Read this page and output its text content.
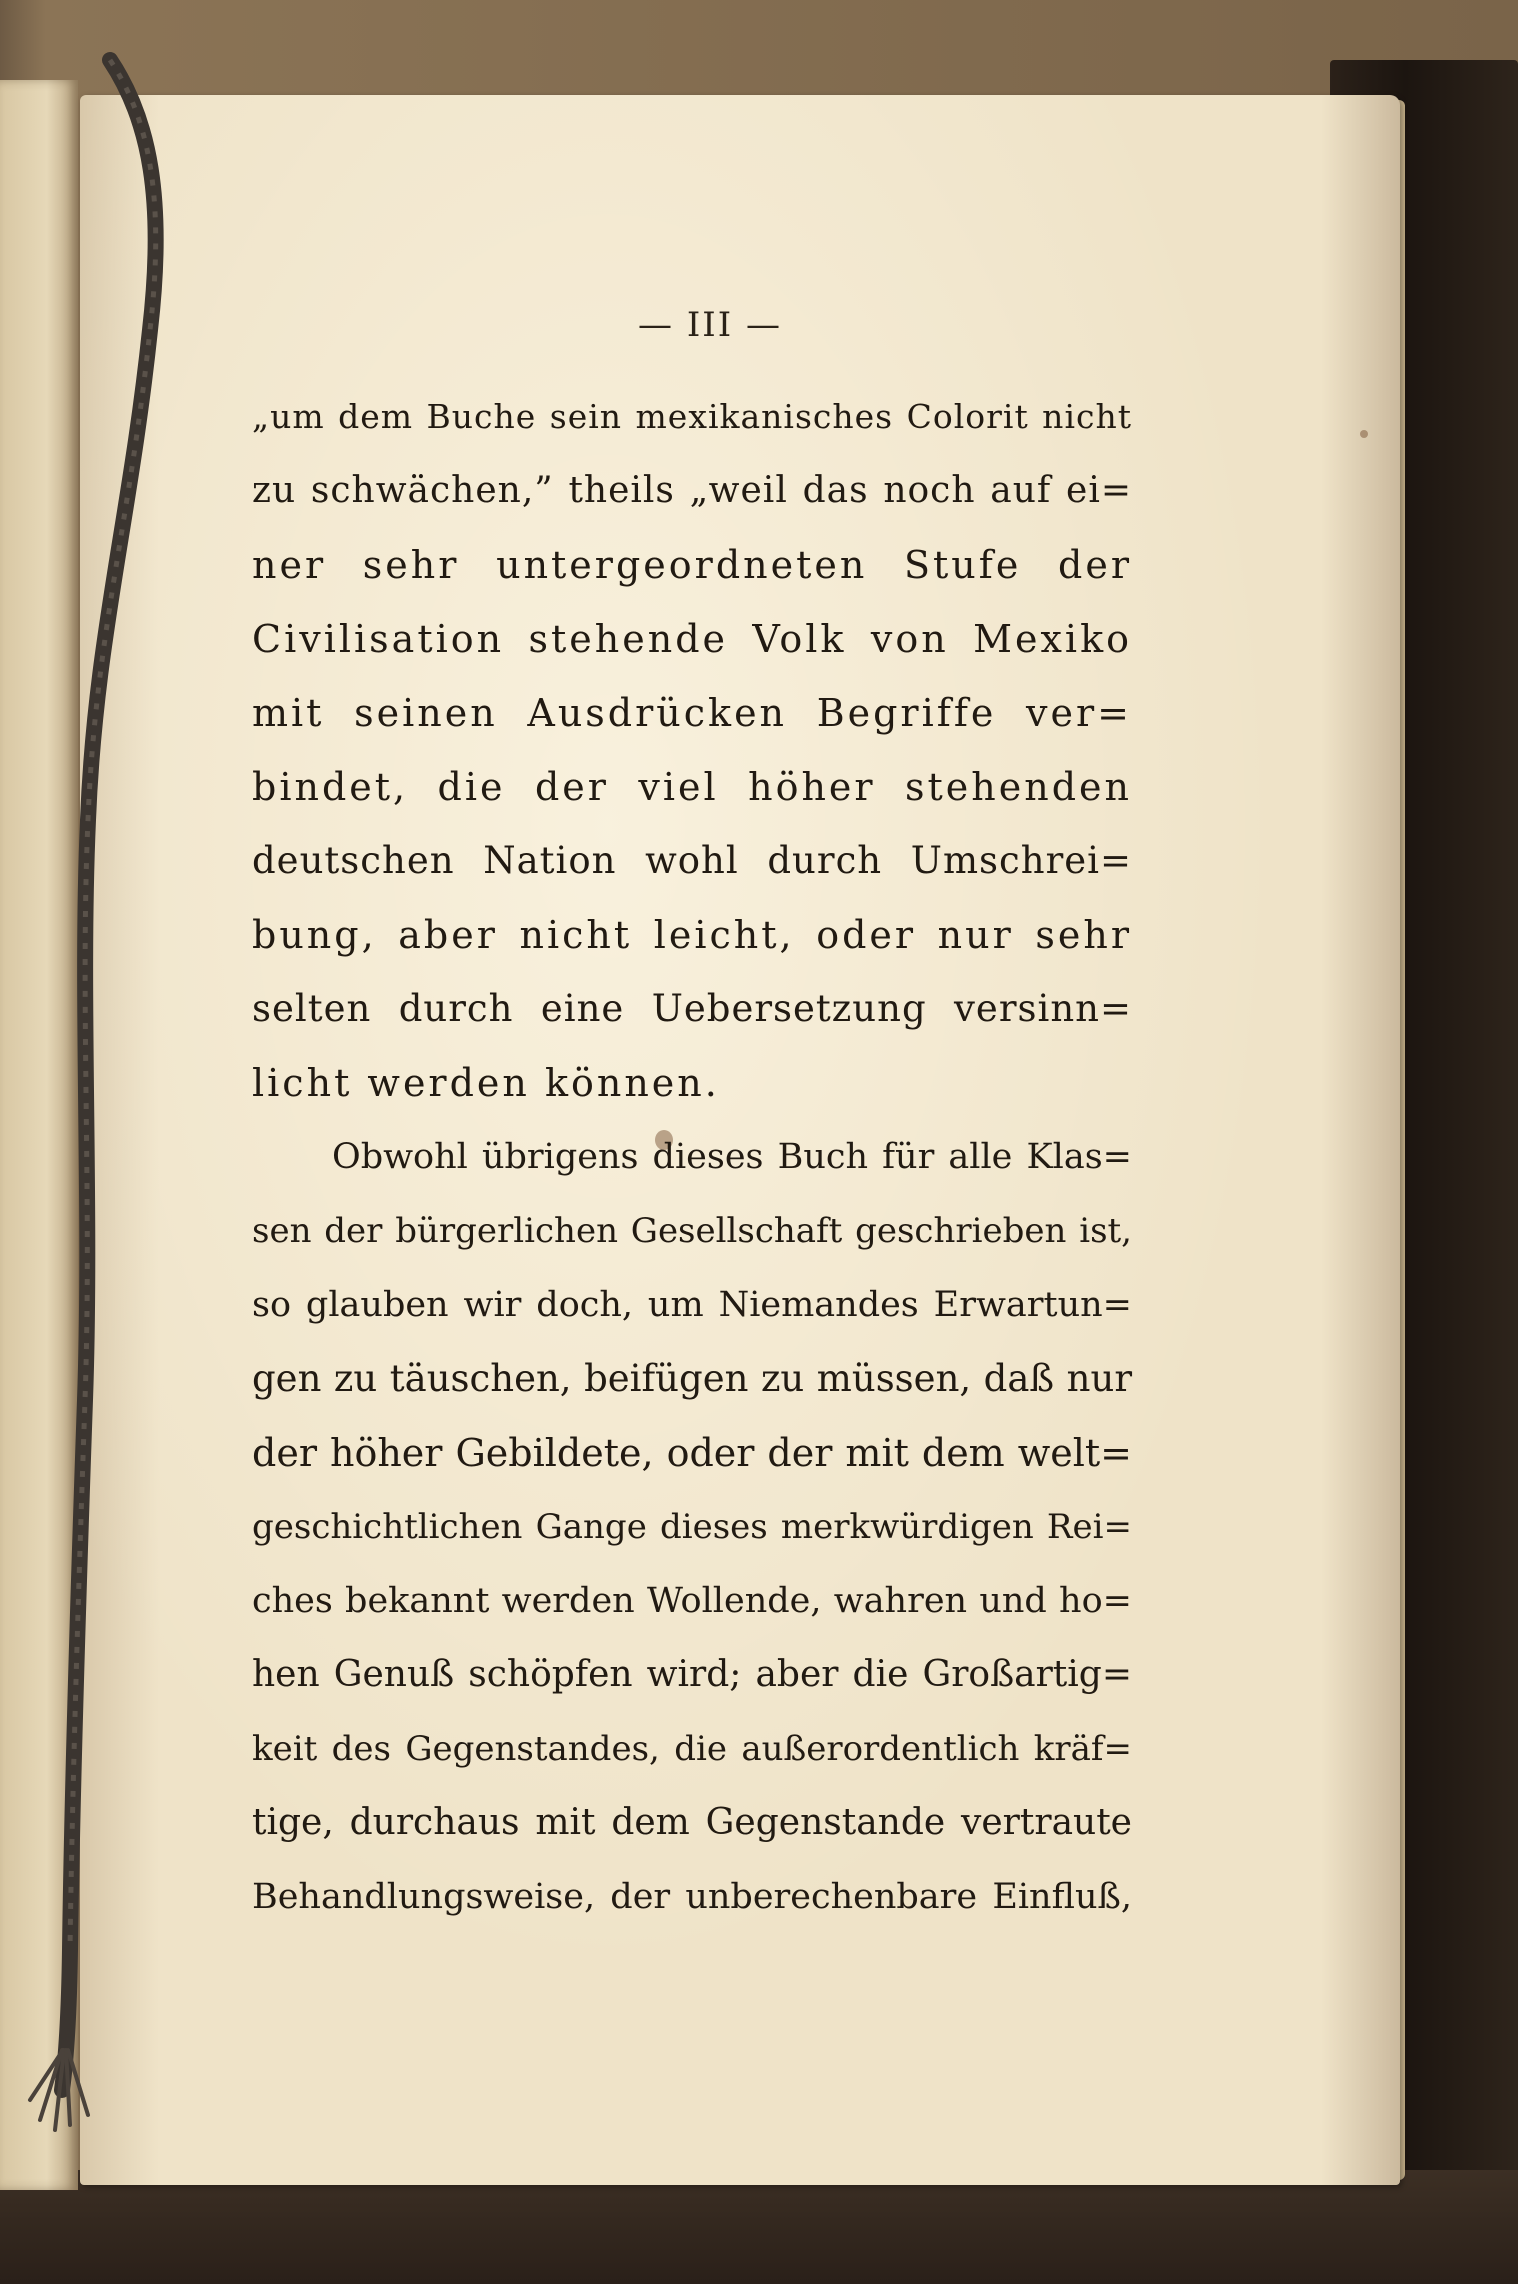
— III —
„um dem Buche sein mexikanisches Colorit nicht
zu schwächen,” theils „weil das noch auf ei=
ner sehr untergeordneten Stufe der
Civilisation stehende Volk von Mexiko
mit seinen Ausdrücken Begriffe ver=
bindet, die der viel höher stehenden
deutschen Nation wohl durch Umschrei=
bung, aber nicht leicht, oder nur sehr
selten durch eine Uebersetzung versinn=
licht werden können.
Obwohl übrigens dieses Buch für alle Klas=
sen der bürgerlichen Gesellschaft geschrieben ist,
so glauben wir doch, um Niemandes Erwartun=
gen zu täuschen, beifügen zu müssen, daß nur
der höher Gebildete, oder der mit dem welt=
geschichtlichen Gange dieses merkwürdigen Rei=
ches bekannt werden Wollende, wahren und ho=
hen Genuß schöpfen wird; aber die Großartig=
keit des Gegenstandes, die außerordentlich kräf=
tige, durchaus mit dem Gegenstande vertraute
Behandlungsweise, der unberechenbare Einfluß,
